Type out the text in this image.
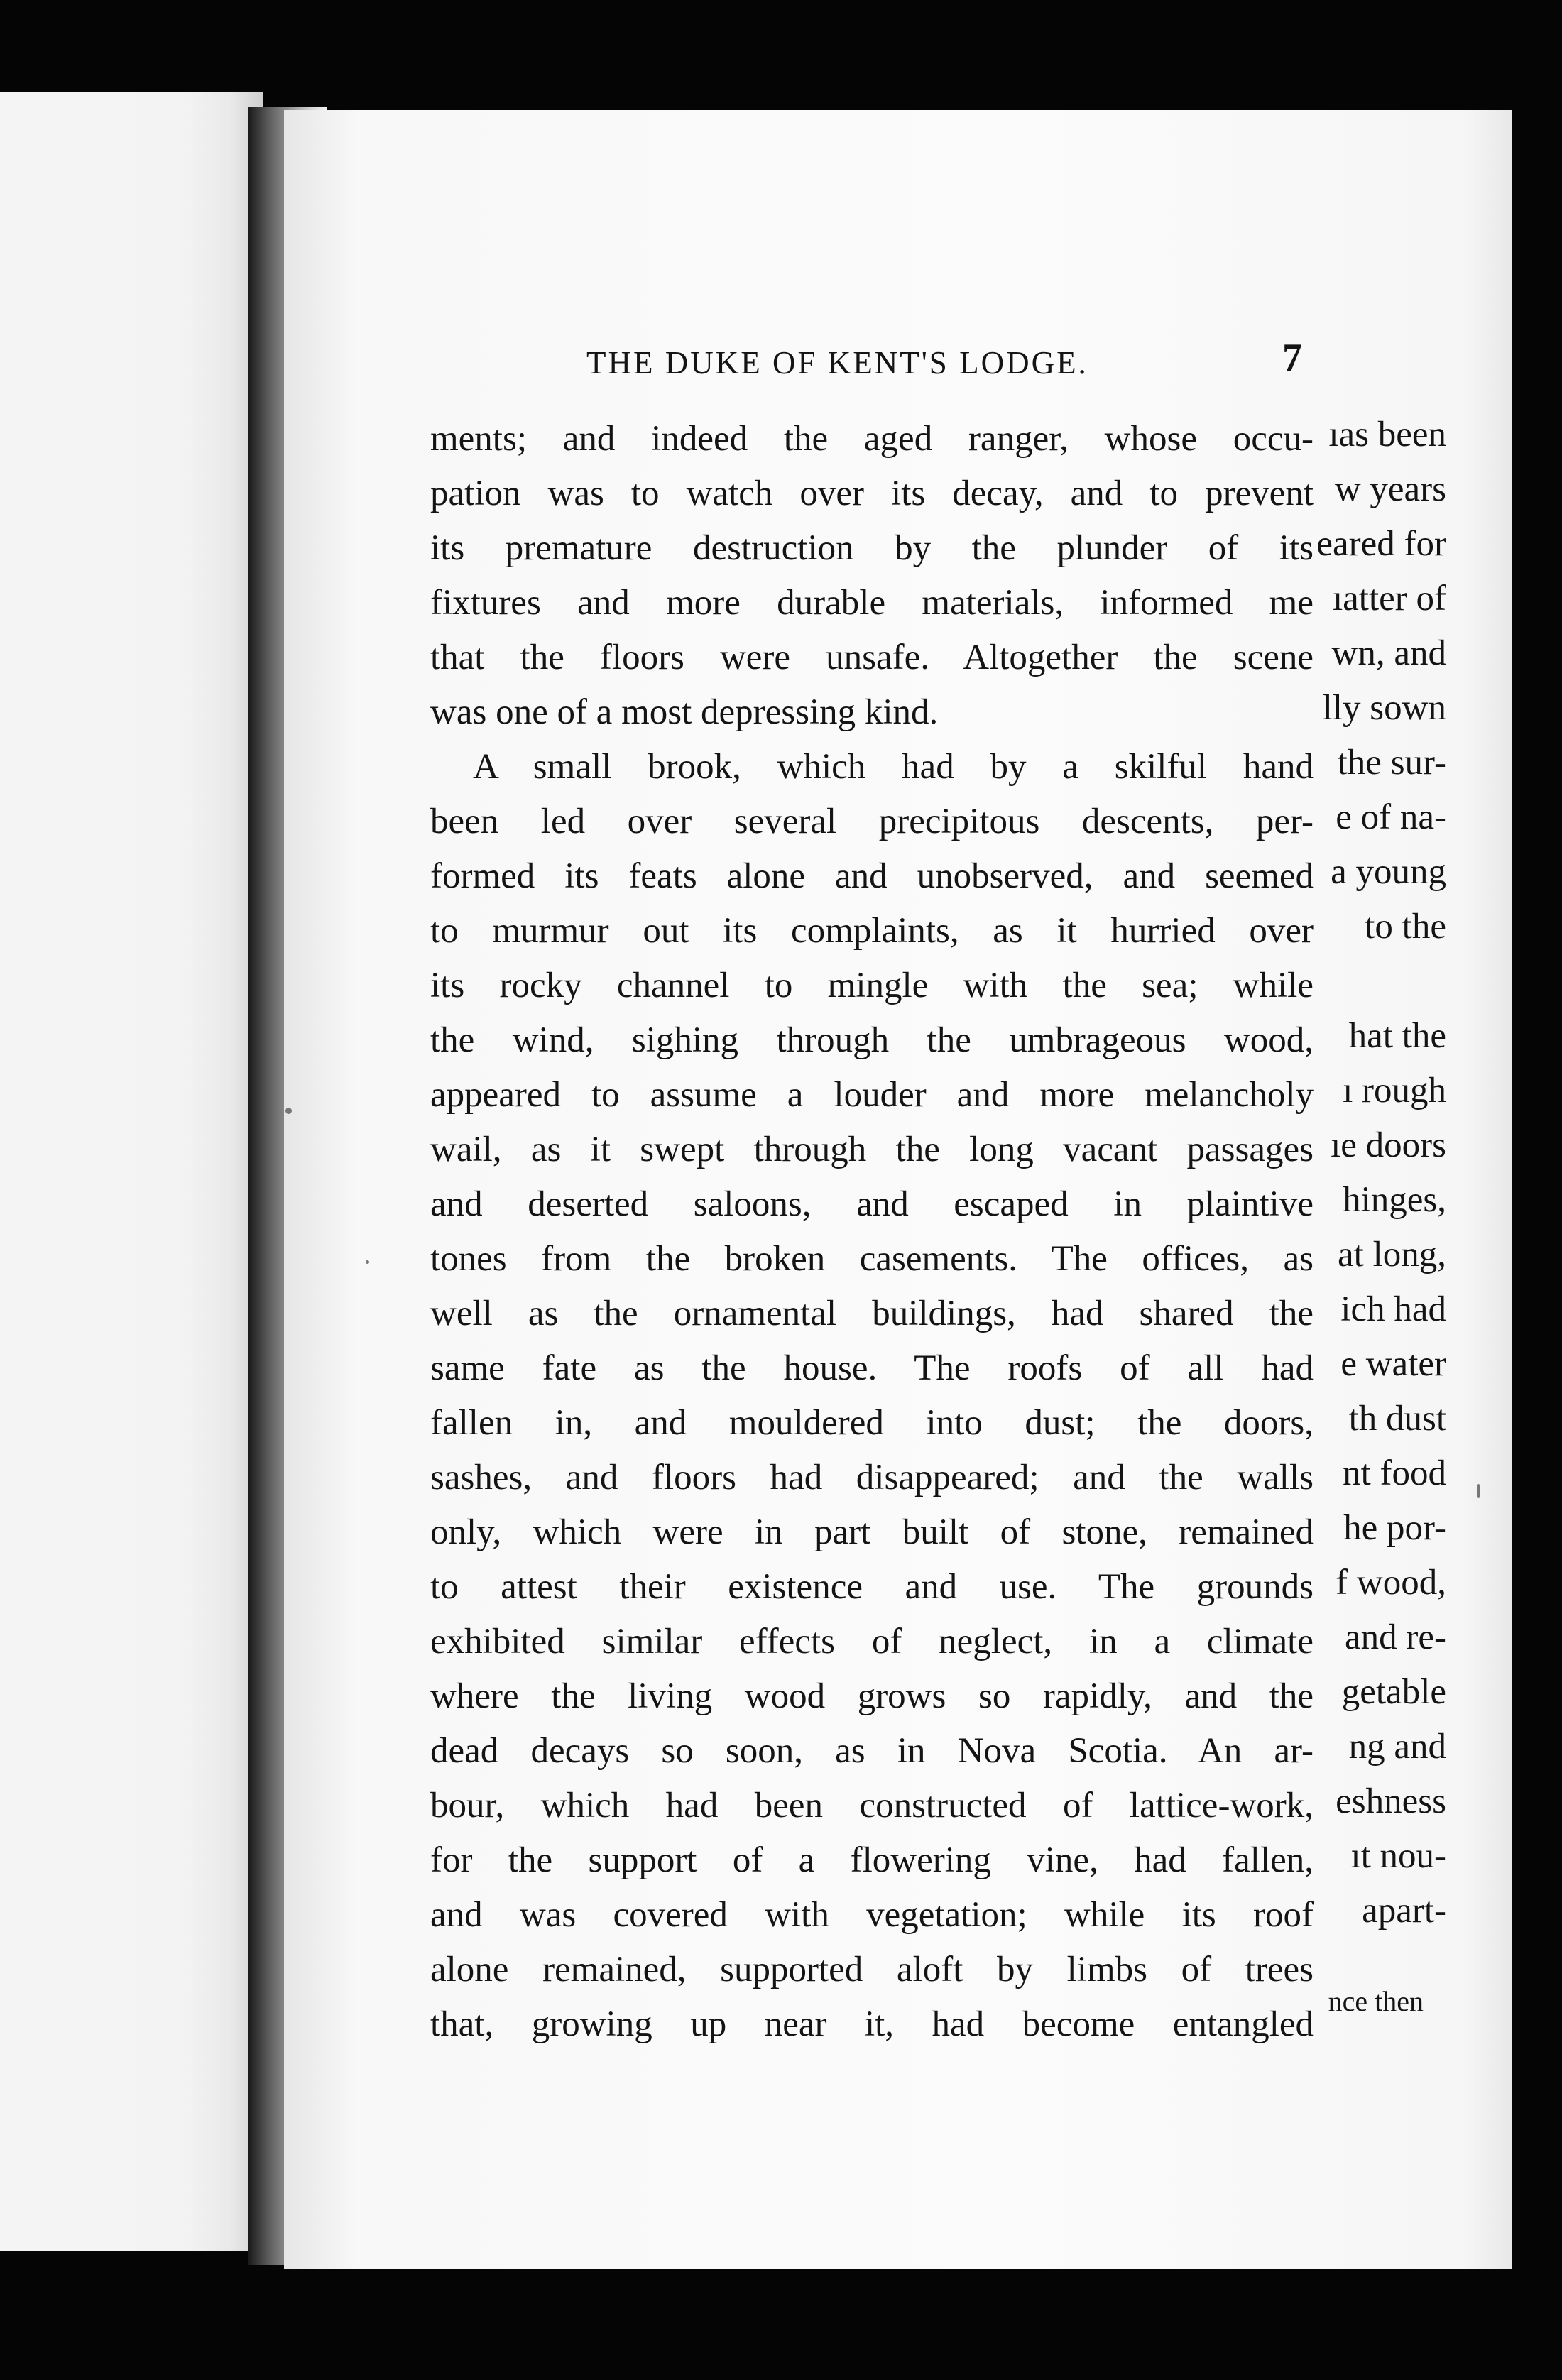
ıas been

w years

eared for

ıatter of

wn, and

lly sown

the sur-

e of na-

a young

to the

hat the

ı rough

ıe doors

hinges,

at long,

ich had

e water

th dust

nt food

he por-

f wood,

and re-

getable

ng and

eshness

ıt nou-

apart-

nce then

THE DUKE OF KENT'S LODGE.	7

ments; and indeed the aged ranger, whose occu-

pation was to watch over its decay, and to prevent

its premature destruction by the plunder of its

fixtures and more durable materials, informed me

that the floors were unsafe. Altogether the scene

was one of a most depressing kind.

A small brook, which had by a skilful hand

been led over several precipitous descents, per-

formed its feats alone and unobserved, and seemed

to murmur out its complaints, as it hurried over

its rocky channel to mingle with the sea; while

the wind, sighing through the umbrageous wood,

appeared to assume a louder and more melancholy

wail, as it swept through the long vacant passages

and deserted saloons, and escaped in plaintive

tones from the broken casements. The offices, as

well as the ornamental buildings, had shared the

same fate as the house. The roofs of all had

fallen in, and mouldered into dust; the doors,

sashes, and floors had disappeared; and the walls

only, which were in part built of stone, remained

to attest their existence and use. The grounds

exhibited similar effects of neglect, in a climate

where the living wood grows so rapidly, and the

dead decays so soon, as in Nova Scotia. An ar-

bour, which had been constructed of lattice-work,

for the support of a flowering vine, had fallen,

and was covered with vegetation; while its roof

alone remained, supported aloft by limbs of trees

that, growing up near it, had become entangled
